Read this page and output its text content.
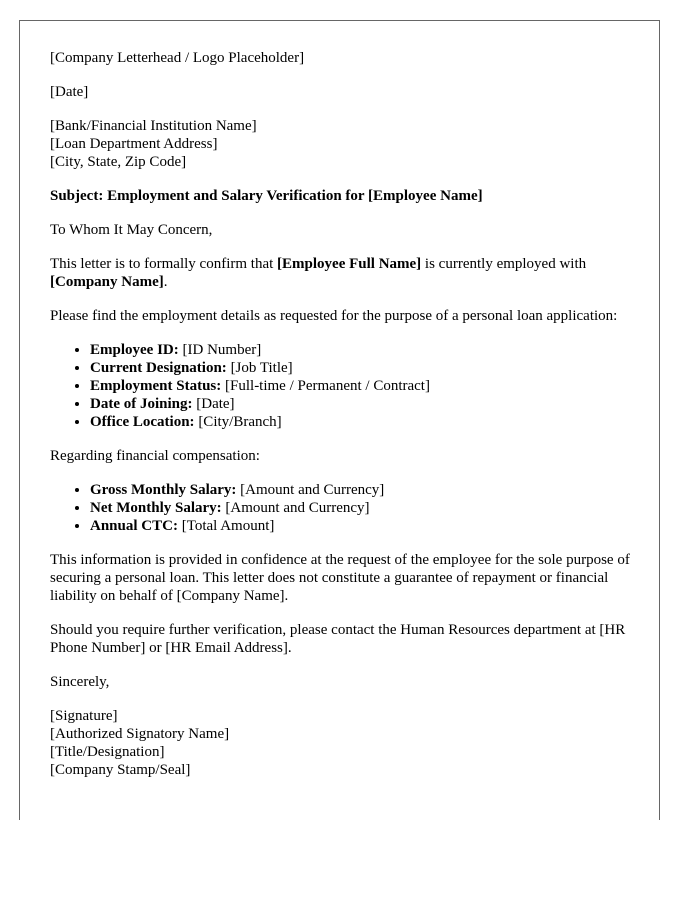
[Company Letterhead / Logo Placeholder]

[Date]

[Bank/Financial Institution Name]
[Loan Department Address]
[City, State, Zip Code]

Subject: Employment and Salary Verification for [Employee Name]

To Whom It May Concern,

This letter is to formally confirm that [Employee Full Name] is currently employed with [Company Name].

Please find the employment details as requested for the purpose of a personal loan application:

• Employee ID: [ID Number]
• Current Designation: [Job Title]
• Employment Status: [Full-time / Permanent / Contract]
• Date of Joining: [Date]
• Office Location: [City/Branch]

Regarding financial compensation:

• Gross Monthly Salary: [Amount and Currency]
• Net Monthly Salary: [Amount and Currency]
• Annual CTC: [Total Amount]

This information is provided in confidence at the request of the employee for the sole purpose of securing a personal loan. This letter does not constitute a guarantee of repayment or financial liability on behalf of [Company Name].

Should you require further verification, please contact the Human Resources department at [HR Phone Number] or [HR Email Address].

Sincerely,

[Signature]
[Authorized Signatory Name]
[Title/Designation]
[Company Stamp/Seal]
